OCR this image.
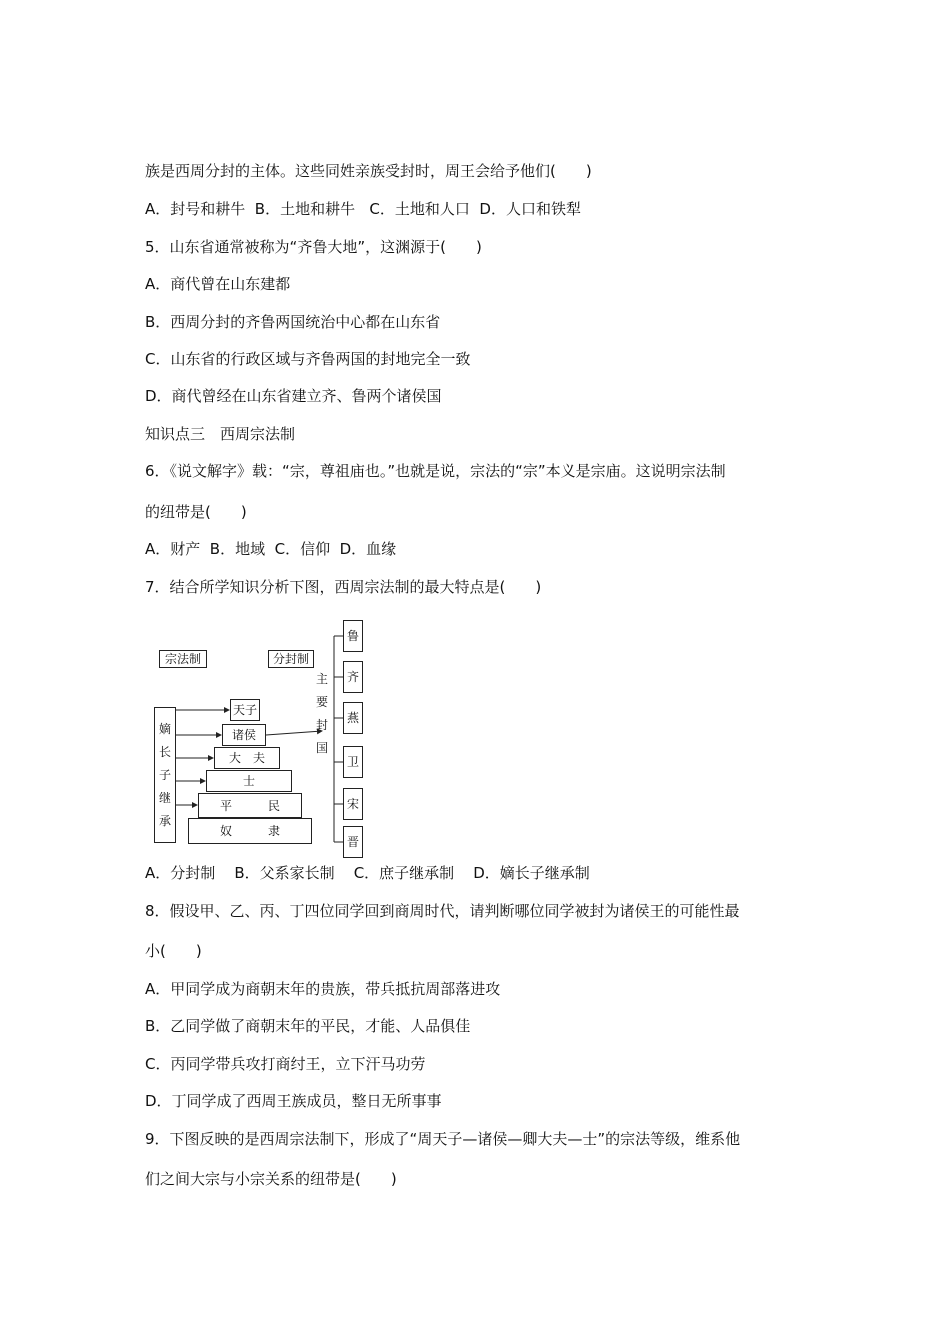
族是西周分封的主体。这些同姓亲族受封时，周王会给予他们(　　)

A．封号和耕牛  B．土地和耕牛   C．土地和人口  D．人口和铁犁

5．山东省通常被称为“齐鲁大地”，这渊源于(　　)

A．商代曾在山东建都

B．西周分封的齐鲁两国统治中心都在山东省

C．山东省的行政区域与齐鲁两国的封地完全一致

D．商代曾经在山东省建立齐、鲁两个诸侯国

知识点三　西周宗法制

6．《说文解字》载：“宗，尊祖庙也。”也就是说，宗法的“宗”本义是宗庙。这说明宗法制

的纽带是(　　)

A．财产  B．地域  C．信仰  D．血缘

7．结合所学知识分析下图，西周宗法制的最大特点是(　　)

宗法制	分封制
嫡
长
子
继
承
天子
诸侯
大　夫
士
平　　　民
奴　　　隶
主
要
封
国
鲁
齐
燕
卫
宋
晋

A．分封制    B．父系家长制    C．庶子继承制    D．嫡长子继承制

8．假设甲、乙、丙、丁四位同学回到商周时代，请判断哪位同学被封为诸侯王的可能性最

小(　　)

A．甲同学成为商朝末年的贵族，带兵抵抗周部落进攻

B．乙同学做了商朝末年的平民，才能、人品俱佳

C．丙同学带兵攻打商纣王，立下汗马功劳

D．丁同学成了西周王族成员，整日无所事事

9．下图反映的是西周宗法制下，形成了“周天子—诸侯—卿大夫—士”的宗法等级，维系他

们之间大宗与小宗关系的纽带是(　　)
